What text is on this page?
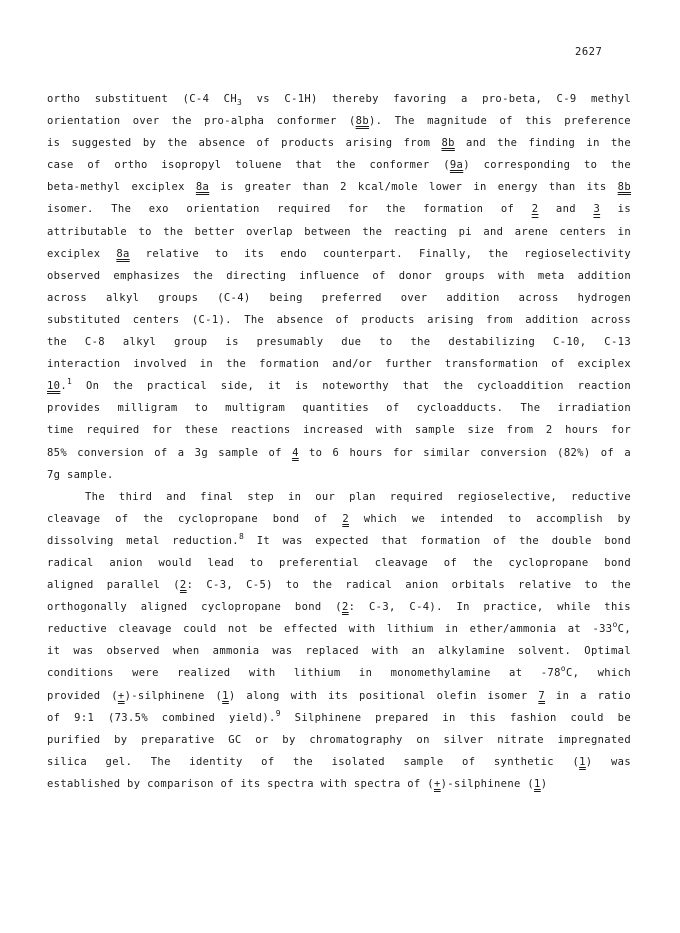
2627
ortho substituent (C-4 $CH_3$ vs C-1H) thereby favoring a pro-beta, C-9 methyl
orientation over the pro-alpha conformer (8b). The magnitude of this preference
is suggested by the absence of products arising from 8b and the finding in the
case of ortho isopropyl toluene that the conformer (9a) corresponding to the
beta-methyl exciplex 8a is greater than 2 kcal/mole lower in energy than its 8b
isomer. The exo orientation required for the formation of 2 and 3 is
attributable to the better overlap between the reacting pi and arene centers in
exciplex 8a relative to its endo counterpart. Finally, the regioselectivity
observed emphasizes the directing influence of donor groups with meta addition
across alkyl groups (C-4) being preferred over addition across hydrogen
substituted centers (C-1). The absence of products arising from addition across
the C-8 alkyl group is presumably due to the destabilizing C-10, C-13
interaction involved in the formation and/or further transformation of exciplex
10.$^1$ On the practical side, it is noteworthy that the cycloaddition reaction
provides milligram to multigram quantities of cycloadducts. The irradiation
time required for these reactions increased with sample size from 2 hours for
85% conversion of a 3g sample of 4 to 6 hours for similar conversion (82%) of a
7g sample.
The third and final step in our plan required regioselective, reductive
cleavage of the cyclopropane bond of 2 which we intended to accomplish by
dissolving metal reduction.$^8$ It was expected that formation of the double bond
radical anion would lead to preferential cleavage of the cyclopropane bond
aligned parallel (2: C-3, C-5) to the radical anion orbitals relative to the
orthogonally aligned cyclopropane bond (2: C-3, C-4). In practice, while this
reductive cleavage could not be effected with lithium in ether/ammonia at -33$^o$C,
it was observed when ammonia was replaced with an alkylamine solvent. Optimal
conditions were realized with lithium in monomethylamine at -78$^o$C, which
provided (+)-silphinene (1) along with its positional olefin isomer 7 in a ratio
of 9:1 (73.5% combined yield).$^9$ Silphinene prepared in this fashion could be
purified by preparative GC or by chromatography on silver nitrate impregnated
silica gel. The identity of the isolated sample of synthetic (1) was
established by comparison of its spectra with spectra of (+)-silphinene (1)
